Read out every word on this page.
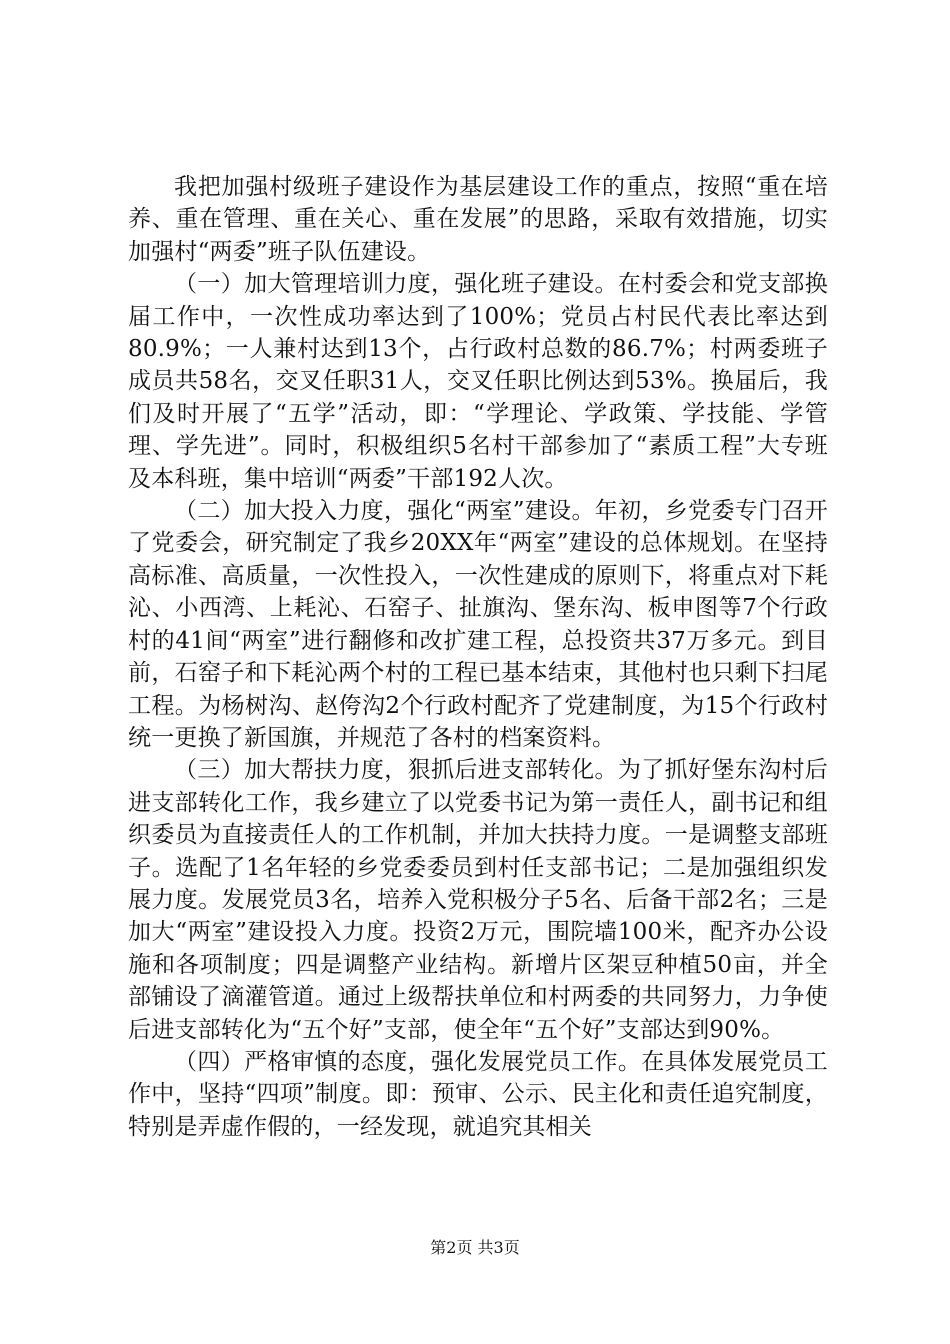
我把加强村级班子建设作为基层建设工作的重点，按照“重在培养、重在管理、重在关心、重在发展”的思路，采取有效措施，切实加强村“两委”班子队伍建设。

（一）加大管理培训力度，强化班子建设。在村委会和党支部换届工作中，一次性成功率达到了100%；党员占村民代表比率达到80.9%；一人兼村达到13个，占行政村总数的86.7%；村两委班子成员共58名，交叉任职31人，交叉任职比例达到53%。换届后，我们及时开展了“五学”活动，即：“学理论、学政策、学技能、学管理、学先进”。同时，积极组织5名村干部参加了“素质工程”大专班及本科班，集中培训“两委”干部192人次。

（二）加大投入力度，强化“两室”建设。年初，乡党委专门召开了党委会，研究制定了我乡20XX年“两室”建设的总体规划。在坚持高标准、高质量，一次性投入，一次性建成的原则下，将重点对下耗沁、小西湾、上耗沁、石窑子、扯旗沟、堡东沟、板申图等7个行政村的41间“两室”进行翻修和改扩建工程，总投资共37万多元。到目前，石窑子和下耗沁两个村的工程已基本结束，其他村也只剩下扫尾工程。为杨树沟、赵侉沟2个行政村配齐了党建制度，为15个行政村统一更换了新国旗，并规范了各村的档案资料。

（三）加大帮扶力度，狠抓后进支部转化。为了抓好堡东沟村后进支部转化工作，我乡建立了以党委书记为第一责任人，副书记和组织委员为直接责任人的工作机制，并加大扶持力度。一是调整支部班子。选配了1名年轻的乡党委委员到村任支部书记；二是加强组织发展力度。发展党员3名，培养入党积极分子5名、后备干部2名；三是加大“两室”建设投入力度。投资2万元，围院墙100米，配齐办公设施和各项制度；四是调整产业结构。新增片区架豆种植50亩，并全部铺设了滴灌管道。通过上级帮扶单位和村两委的共同努力，力争使后进支部转化为“五个好”支部，使全年“五个好”支部达到90%。

（四）严格审慎的态度，强化发展党员工作。在具体发展党员工作中，坚持“四项”制度。即：预审、公示、民主化和责任追究制度，特别是弄虚作假的，一经发现，就追究其相关

第2页 共3页
